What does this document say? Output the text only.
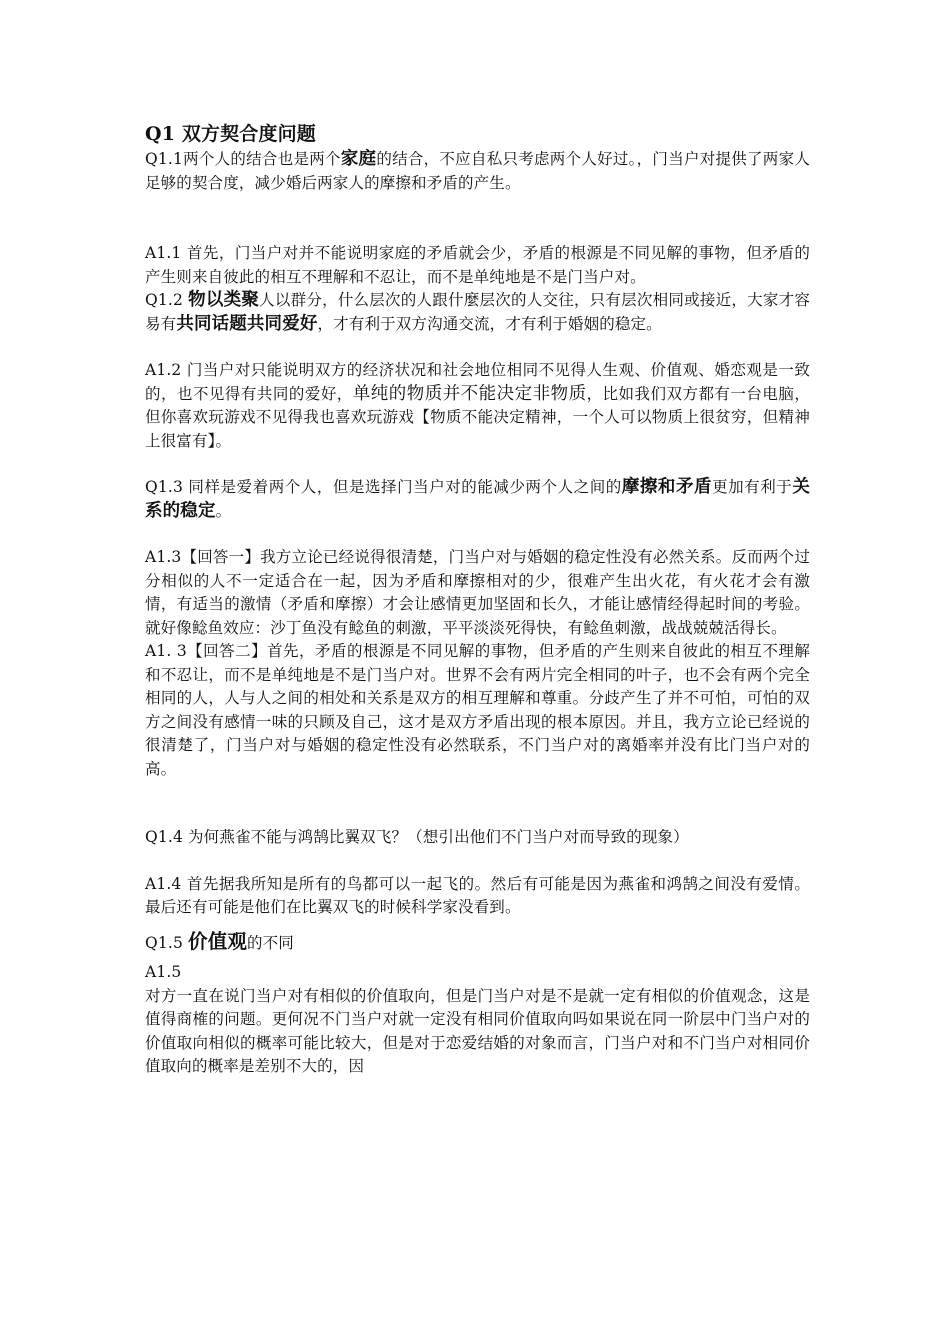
Q1 双方契合度问题

Q1.1两个人的结合也是两个家庭的结合，不应自私只考虑两个人好过。，门当户对提供了两家人足够的契合度，减少婚后两家人的摩擦和矛盾的产生。

A1.1 首先，门当户对并不能说明家庭的矛盾就会少，矛盾的根源是不同见解的事物，但矛盾的产生则来自彼此的相互不理解和不忍让，而不是单纯地是不是门当户对。

Q1.2 物以类聚人以群分，什么层次的人跟什麼层次的人交往，只有层次相同或接近，大家才容易有共同话题共同爱好，才有利于双方沟通交流，才有利于婚姻的稳定。

A1.2 门当户对只能说明双方的经济状况和社会地位相同不见得人生观、价值观、婚恋观是一致的，也不见得有共同的爱好，单纯的物质并不能决定非物质，比如我们双方都有一台电脑，但你喜欢玩游戏不见得我也喜欢玩游戏【物质不能决定精神，一个人可以物质上很贫穷，但精神上很富有】。

Q1.3 同样是爱着两个人，但是选择门当户对的能减少两个人之间的摩擦和矛盾更加有利于关系的稳定。

A1.3【回答一】我方立论已经说得很清楚，门当户对与婚姻的稳定性没有必然关系。反而两个过分相似的人不一定适合在一起，因为矛盾和摩擦相对的少，很难产生出火花，有火花才会有激情，有适当的激情（矛盾和摩擦）才会让感情更加坚固和长久，才能让感情经得起时间的考验。就好像鲶鱼效应：沙丁鱼没有鲶鱼的刺激，平平淡淡死得快，有鲶鱼刺激，战战兢兢活得长。

A1. 3【回答二】首先，矛盾的根源是不同见解的事物，但矛盾的产生则来自彼此的相互不理解和不忍让，而不是单纯地是不是门当户对。世界不会有两片完全相同的叶子，也不会有两个完全相同的人，人与人之间的相处和关系是双方的相互理解和尊重。分歧产生了并不可怕，可怕的双方之间没有感情一味的只顾及自己，这才是双方矛盾出现的根本原因。并且，我方立论已经说的很清楚了，门当户对与婚姻的稳定性没有必然联系，不门当户对的离婚率并没有比门当户对的高。

Q1.4 为何燕雀不能与鸿鹄比翼双飞？（想引出他们不门当户对而导致的现象）

A1.4 首先据我所知是所有的鸟都可以一起飞的。然后有可能是因为燕雀和鸿鹄之间没有爱情。最后还有可能是他们在比翼双飞的时候科学家没看到。

Q1.5 价值观的不同

A1.5

对方一直在说门当户对有相似的价值取向，但是门当户对是不是就一定有相似的价值观念，这是值得商榷的问题。更何况不门当户对就一定没有相同价值取向吗如果说在同一阶层中门当户对的价值取向相似的概率可能比较大，但是对于恋爱结婚的对象而言，门当户对和不门当户对相同价值取向的概率是差别不大的，因
